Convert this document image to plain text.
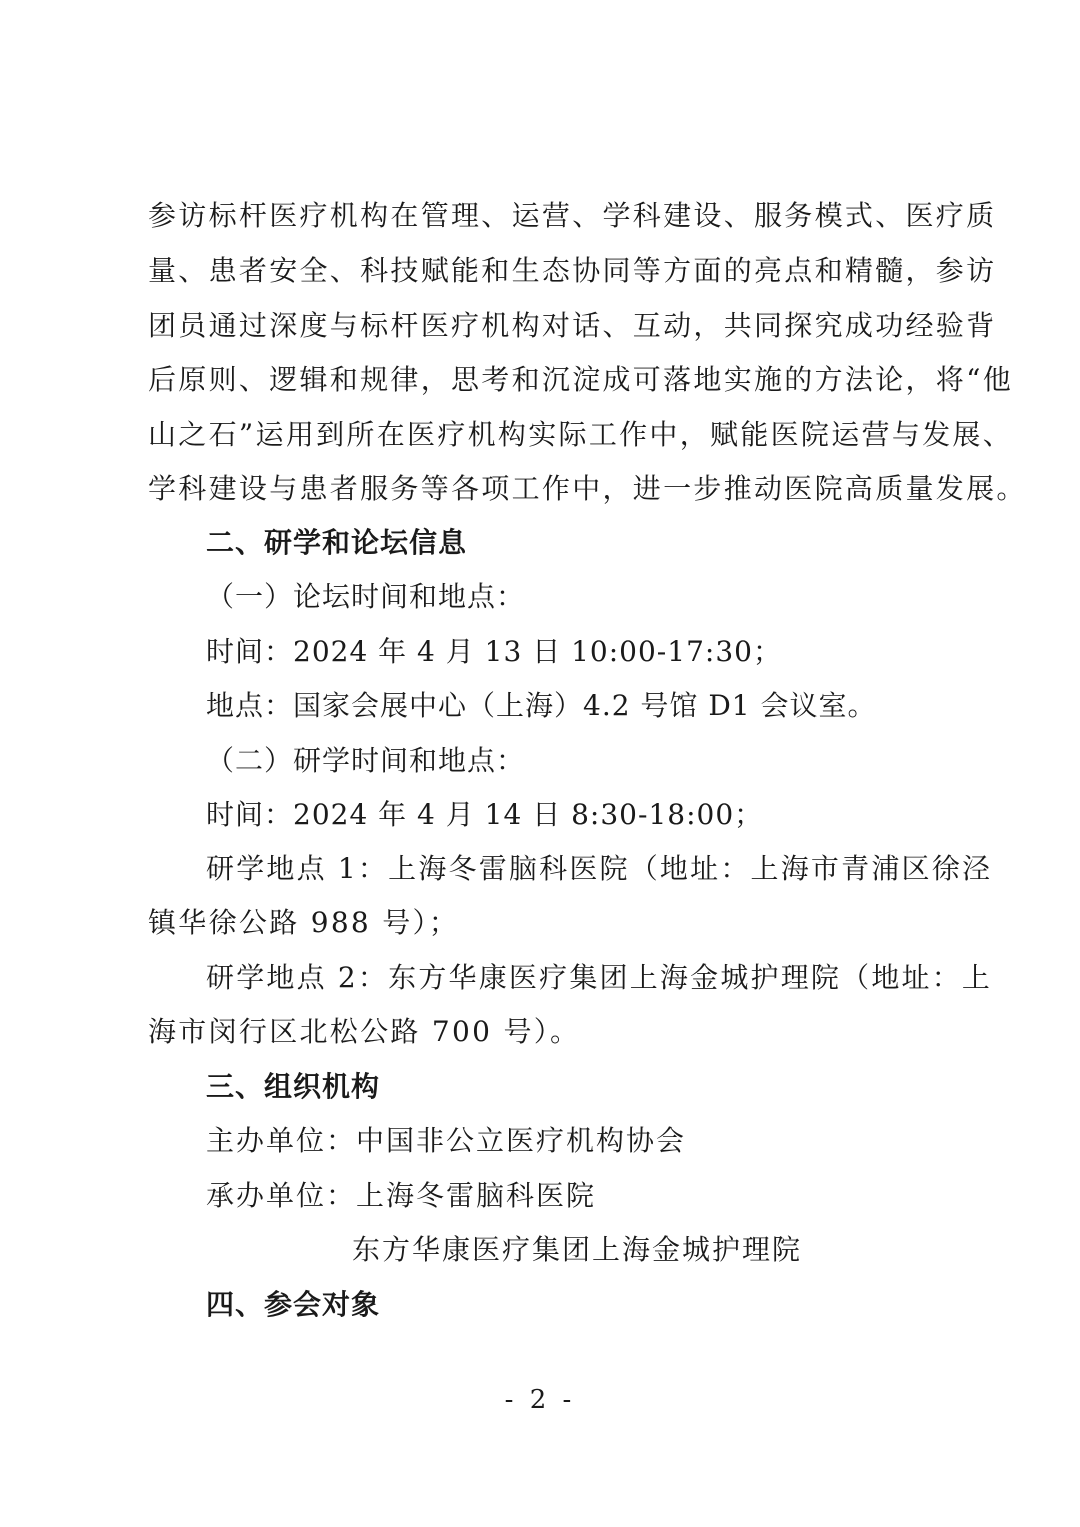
参访标杆医疗机构在管理、运营、学科建设、服务模式、医疗质
量、患者安全、科技赋能和生态协同等方面的亮点和精髓，参访
团员通过深度与标杆医疗机构对话、互动，共同探究成功经验背
后原则、逻辑和规律，思考和沉淀成可落地实施的方法论，将“他
山之石”运用到所在医疗机构实际工作中，赋能医院运营与发展、
学科建设与患者服务等各项工作中，进一步推动医院高质量发展。
二、研学和论坛信息
（一）论坛时间和地点：
时间：2024 年 4 月 13 日 10:00-17:30；
地点：国家会展中心（上海）4.2 号馆 D1 会议室。
（二）研学时间和地点：
时间：2024 年 4 月 14 日 8:30-18:00；
研学地点 1：上海冬雷脑科医院（地址：上海市青浦区徐泾
镇华徐公路 988 号）；
研学地点 2：东方华康医疗集团上海金城护理院（地址：上
海市闵行区北松公路 700 号）。
三、组织机构
主办单位：中国非公立医疗机构协会
承办单位：上海冬雷脑科医院
东方华康医疗集团上海金城护理院
四、参会对象
- 2 -
